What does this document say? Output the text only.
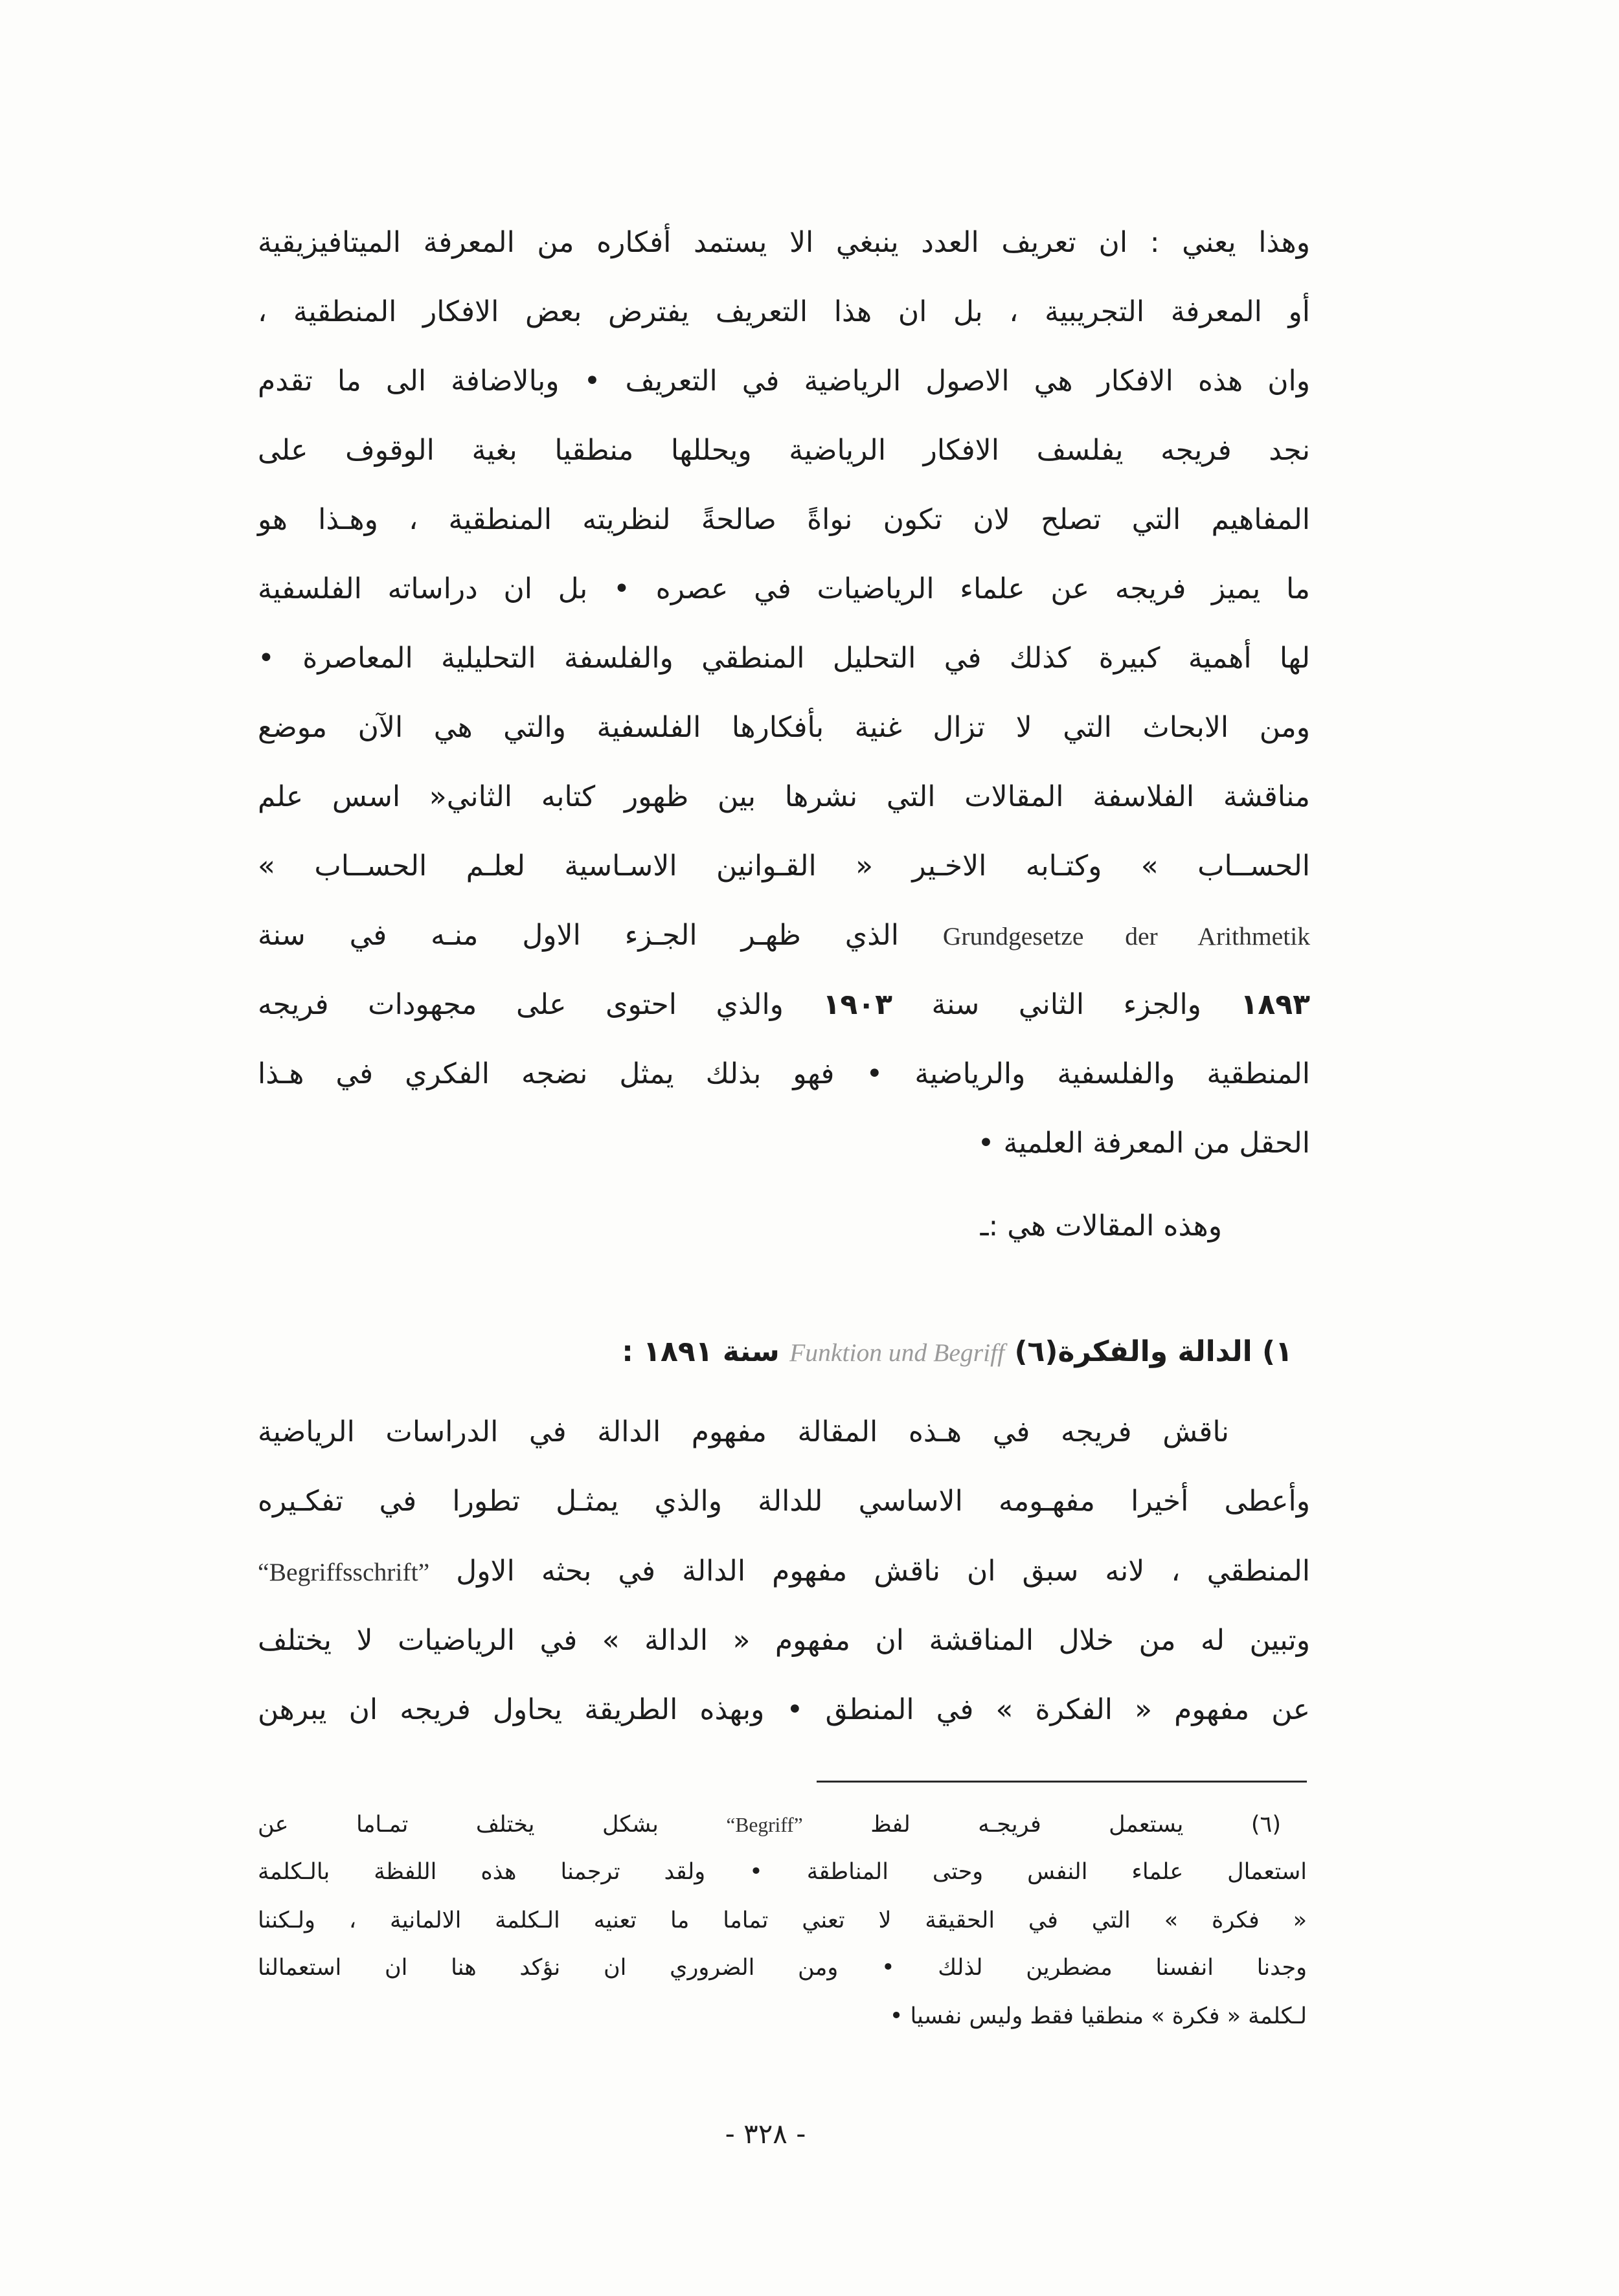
وهذا يعني : ان تعريف العدد ينبغي الا يستمد أفكاره من المعرفة الميتافيزيقية
أو المعرفة التجريبية ، بل ان هذا التعريف يفترض بعض الافكار المنطقية ،
وان هذه الافكار هي الاصول الرياضية في التعريف • وبالاضافة الى ما تقدم
نجد فريجه يفلسف الافكار الرياضية ويحللها منطقيا بغية الوقوف على
المفاهيم التي تصلح لان تكون نواةً صالحةً لنظريته المنطقية ، وهـذا هو
ما يميز فريجه عن علماء الرياضيات في عصره • بل ان دراساته الفلسفية
لها أهمية كبيرة كذلك في التحليل المنطقي والفلسفة التحليلية المعاصرة •
ومن الابحاث التي لا تزال غنية بأفكارها الفلسفية والتي هي الآن موضع
مناقشة الفلاسفة المقالات التي نشرها بين ظهور كتابه الثاني« اسس علم
الحســاب » وكتـابه الاخـير « القـوانين الاسـاسية لعلـم الحســاب »
Grundgesetze der Arithmetik الذي ظهـر الجـزء الاول منـه في سنة
١٨٩٣ والجزء الثاني سنة ١٩٠٣ والذي احتوى على مجهودات فريجه
المنطقية والفلسفية والرياضية • فهو بذلك يمثل نضجه الفكري في هـذا
الحقل من المعرفة العلمية •
وهذه المقالات هي :ـ
١) الدالة والفكرة(٦) Funktion und Begriff سنة ١٨٩١ :
ناقش فريجه في هـذه المقالة مفهوم الدالة في الدراسات الرياضية
وأعطى أخيرا مفهـومه الاساسي للدالة والذي يمثـل تطورا في تفكـيره
المنطقي ، لانه سبق ان ناقش مفهوم الدالة في بحثه الاول “Begriffsschrift”
وتبين له من خلال المناقشة ان مفهوم « الدالة » في الرياضيات لا يختلف
عن مفهوم « الفكرة » في المنطق • وبهذه الطريقة يحاول فريجه ان يبرهن
(٦) يستعمل فريجـه لفظ “Begriff” بشكل يختلف تمـاما عن
استعمال علماء النفس وحتى المناطقة • ولقد ترجمنا هذه اللفظة بالـكلمة
« فكرة » التي في الحقيقة لا تعني تماما ما تعنيه الـكلمة الالمانية ، ولـكننا
وجدنا انفسنا مضطرين لذلك • ومن الضروري ان نؤكد هنا ان استعمالنا
لـكلمة « فكرة » منطقيا فقط وليس نفسيا •
- ٣٢٨ -
